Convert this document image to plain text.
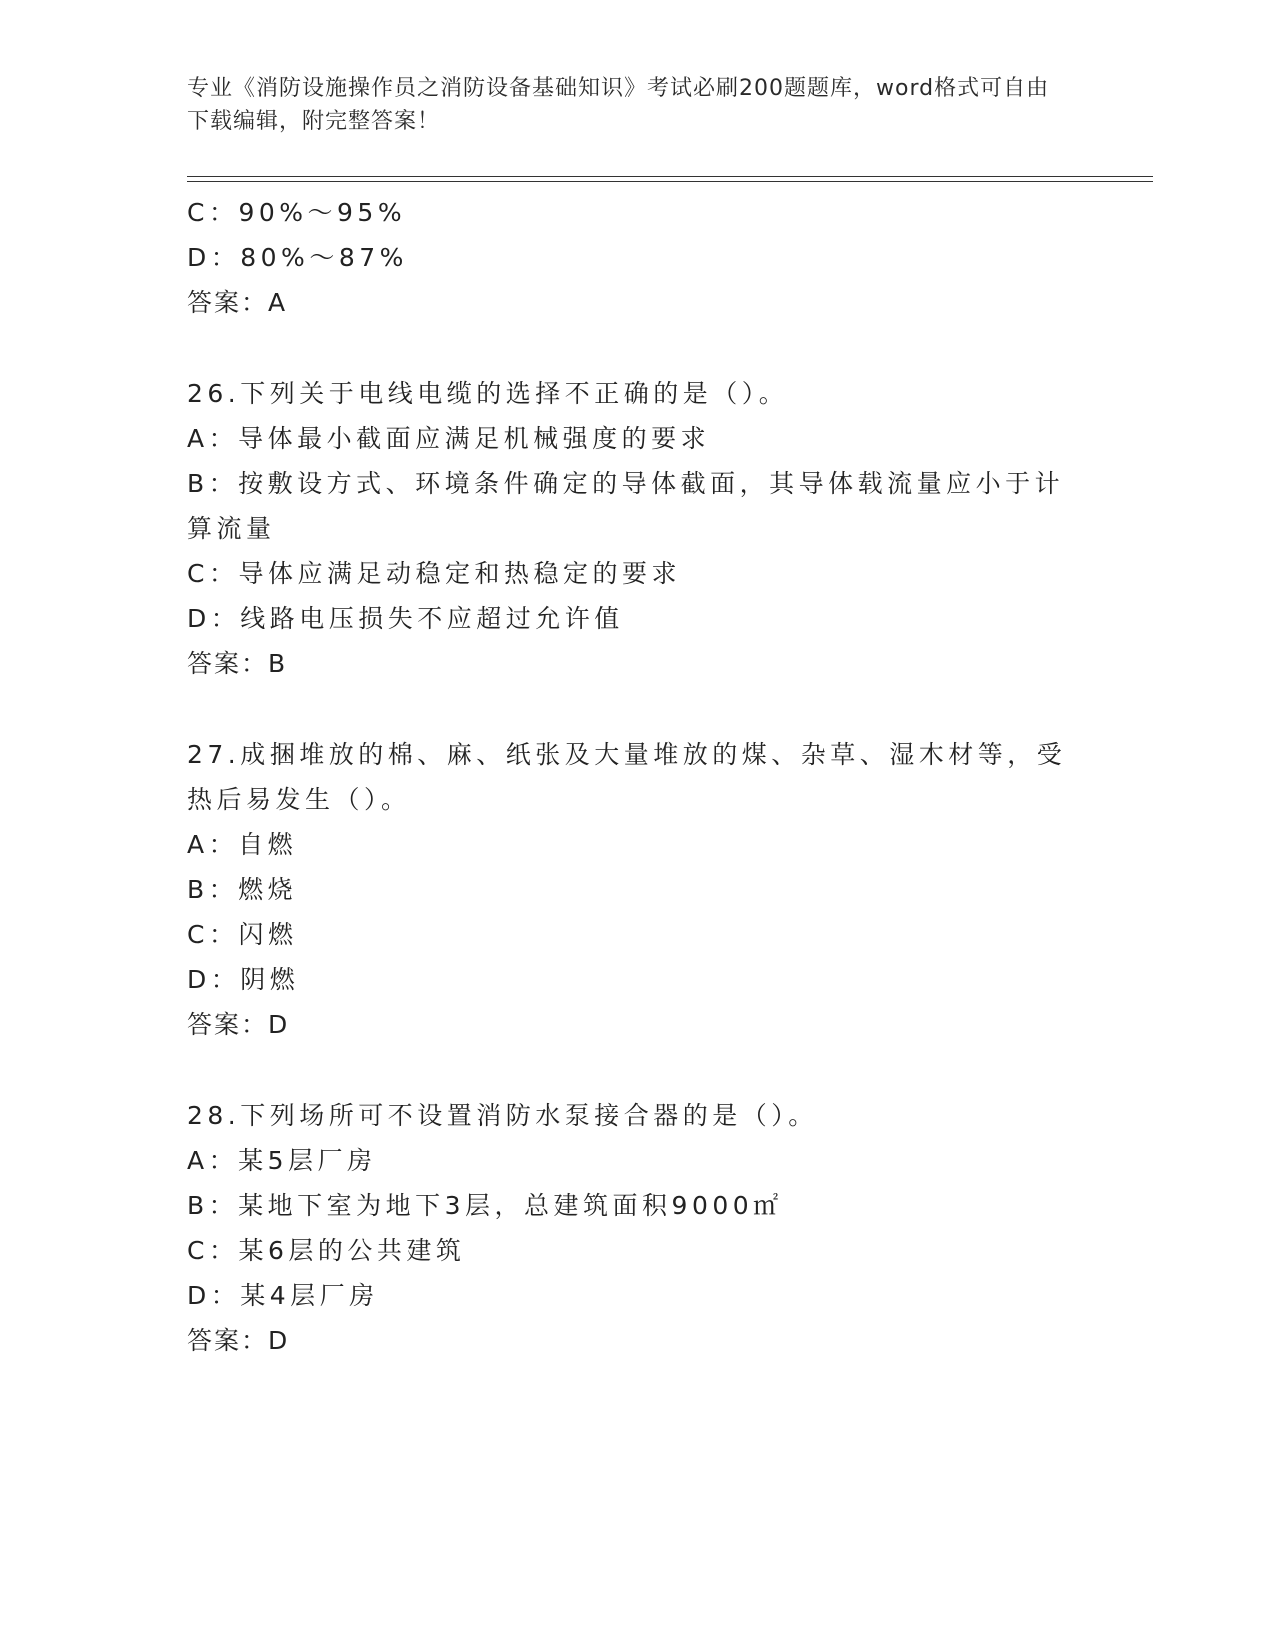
专业《消防设施操作员之消防设备基础知识》考试必刷200题题库，word格式可自由下载编辑，附完整答案！
C：90%～95%
D：80%～87%
答案：A
26.下列关于电线电缆的选择不正确的是（）。
A：导体最小截面应满足机械强度的要求
B：按敷设方式、环境条件确定的导体截面，其导体载流量应小于计算流量
C：导体应满足动稳定和热稳定的要求
D：线路电压损失不应超过允许值
答案：B
27.成捆堆放的棉、麻、纸张及大量堆放的煤、杂草、湿木材等，受热后易发生（）。
A：自燃
B：燃烧
C：闪燃
D：阴燃
答案：D
28.下列场所可不设置消防水泵接合器的是（）。
A：某5层厂房
B：某地下室为地下3层，总建筑面积9000㎡
C：某6层的公共建筑
D：某4层厂房
答案：D
